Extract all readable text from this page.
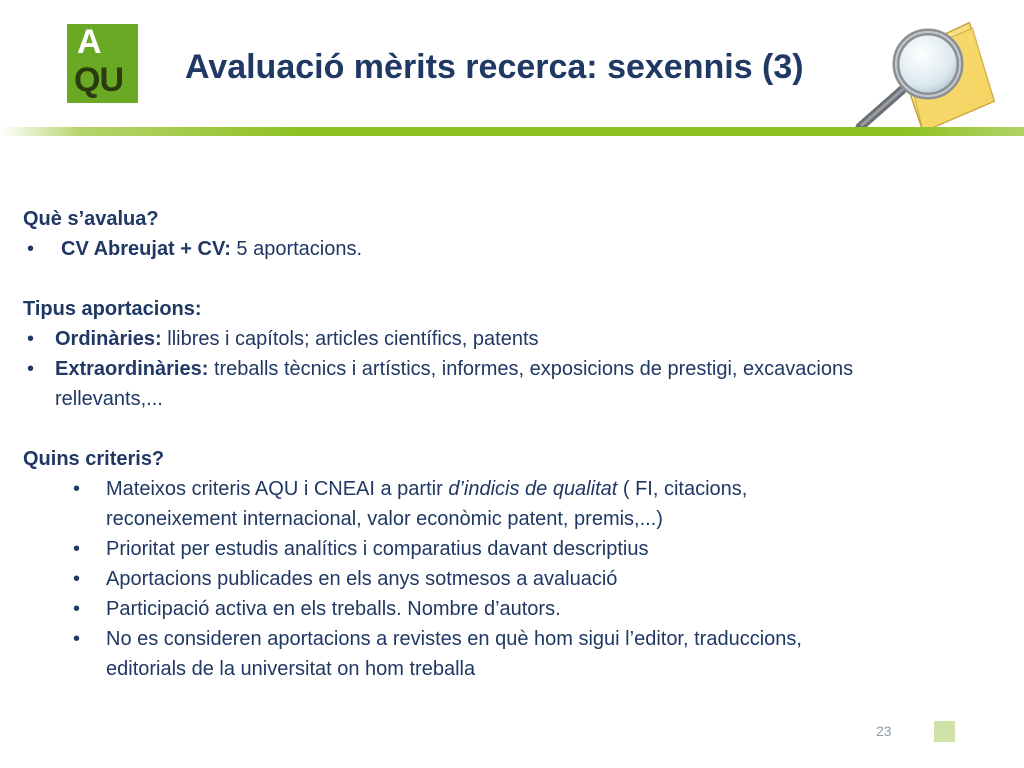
A
QU Avaluació mèrits recerca: sexennis (3)
Què s’avalua?
• CV Abreujat + CV: 5 aportacions.
Tipus aportacions:
• Ordinàries: llibres i capítols; articles científics, patents
• Extraordinàries: treballs tècnics i artístics, informes, exposicions de prestigi, excavacions
rellevants,...
Quins criteris?
• Mateixos criteris AQU i CNEAI a partir d’indicis de qualitat ( FI, citacions,
reconeixement internacional, valor econòmic patent, premis,...)
• Prioritat per estudis analítics i comparatius davant descriptius
• Aportacions publicades en els anys sotmesos a avaluació
• Participació activa en els treballs. Nombre d’autors.
• No es consideren aportacions a revistes en què hom sigui l’editor, traduccions,
editorials de la universitat on hom treballa
23
